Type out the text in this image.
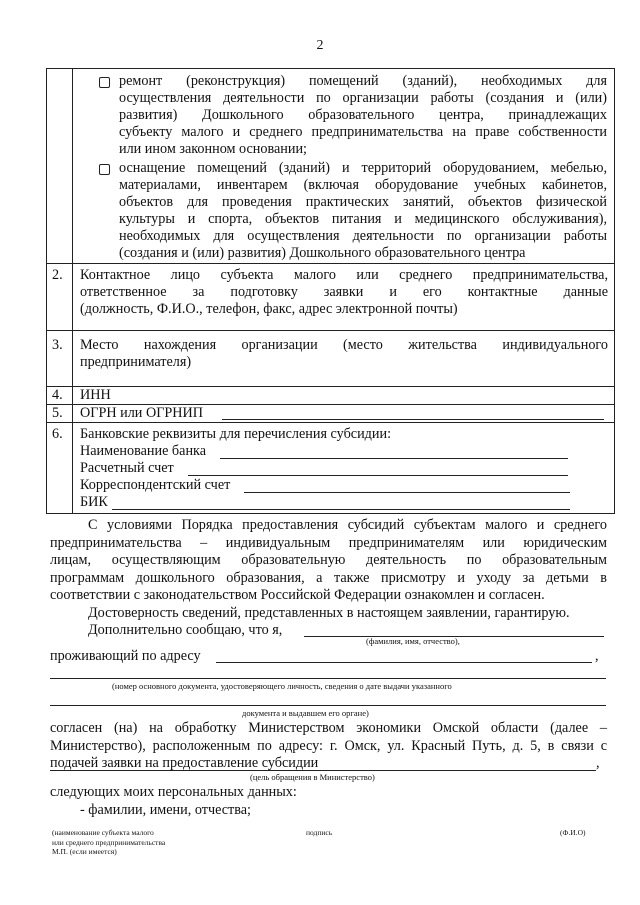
2
ремонт (реконструкция) помещений (зданий), необходимых для
осуществления деятельности по организации работы (создания и (или)
развития) Дошкольного образовательного центра, принадлежащих
субъекту малого и среднего предпринимательства на праве собственности
или ином законном основании;
оснащение помещений (зданий) и территорий оборудованием, мебелью,
материалами, инвентарем (включая оборудование учебных кабинетов,
объектов для проведения практических занятий, объектов физической
культуры и спорта, объектов питания и медицинского обслуживания),
необходимых для осуществления деятельности по организации работы
(создания и (или) развития) Дошкольного образовательного центра
2. Контактное лицо субъекта малого или среднего предпринимательства,
ответственное за подготовку заявки и его контактные данные
(должность, Ф.И.О., телефон, факс, адрес электронной почты)
3. Место нахождения организации (место жительства индивидуального
предпринимателя)
4. ИНН
5. ОГРН или ОГРНИП
6. Банковские реквизиты для перечисления субсидии:
Наименование банка
Расчетный счет
Корреспондентский счет
БИК
С условиями Порядка предоставления субсидий субъектам малого и среднего
предпринимательства – индивидуальным предпринимателям или юридическим
лицам, осуществляющим образовательную деятельность по образовательным
программам дошкольного образования, а также присмотру и уходу за детьми в
соответствии с законодательством Российской Федерации ознакомлен и согласен.
Достоверность сведений, представленных в настоящем заявлении, гарантирую.
Дополнительно сообщаю, что я,
(фамилия, имя, отчество),
проживающий по адресу	,
(номер основного документа, удостоверяющего личность, сведения о дате выдачи указанного
документа и выдавшем его органе)
согласен (на) на обработку Министерством экономики Омской области (далее –
Министерство), расположенным по адресу: г. Омск, ул. Красный Путь, д. 5, в связи с
подачей заявки на предоставление субсидии	,
(цель обращения в Министерство)
следующих моих персональных данных:
- фамилии, имени, отчества;
(наименование субъекта малого
или среднего предпринимательства
М.П. (если имеется)
подпись	(Ф.И.О)
